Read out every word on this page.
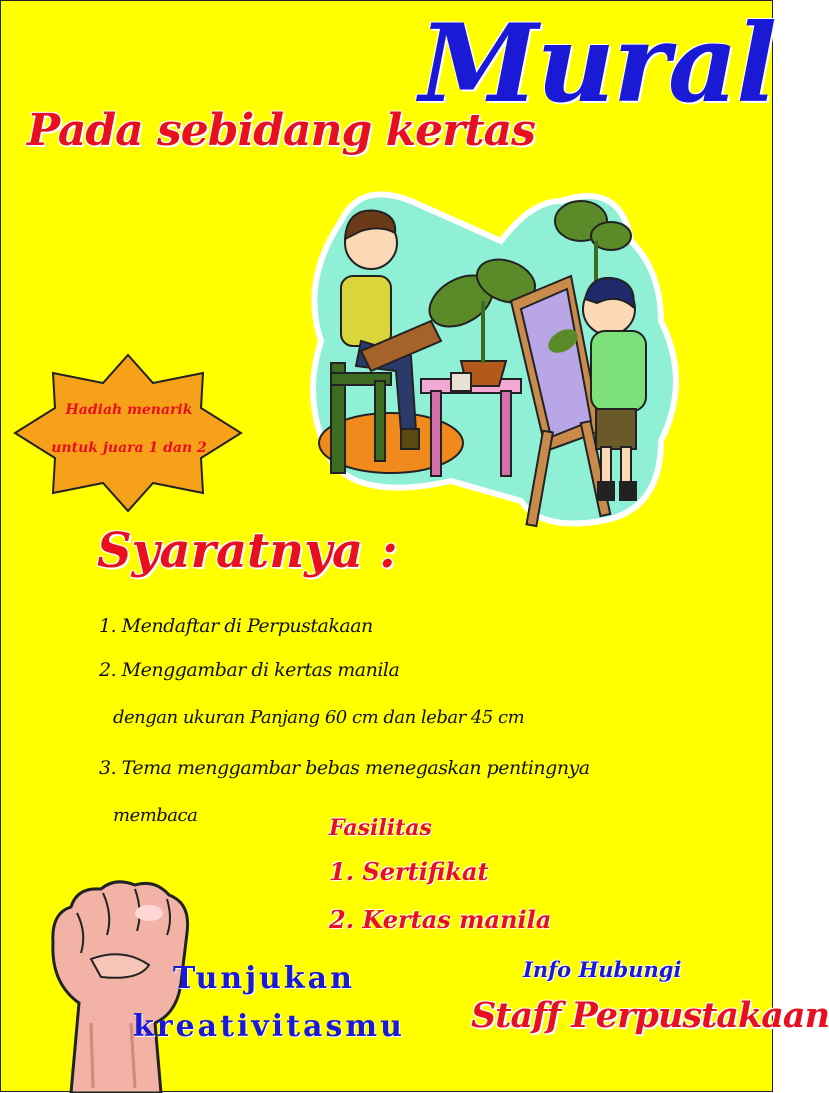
Mural
Pada sebidang kertas
Hadiah menarik
untuk juara 1 dan 2
Syaratnya :

1. Mendaftar di Perpustakaan

2. Menggambar di kertas manila

dengan ukuran Panjang 60 cm dan lebar 45 cm

3. Tema menggambar bebas menegaskan pentingnya

membaca	Fasilitas

1. Sertifikat

2. Kertas manila

Tunjukan

kreativitasmu

Info Hubungi

Staff Perpustakaan
